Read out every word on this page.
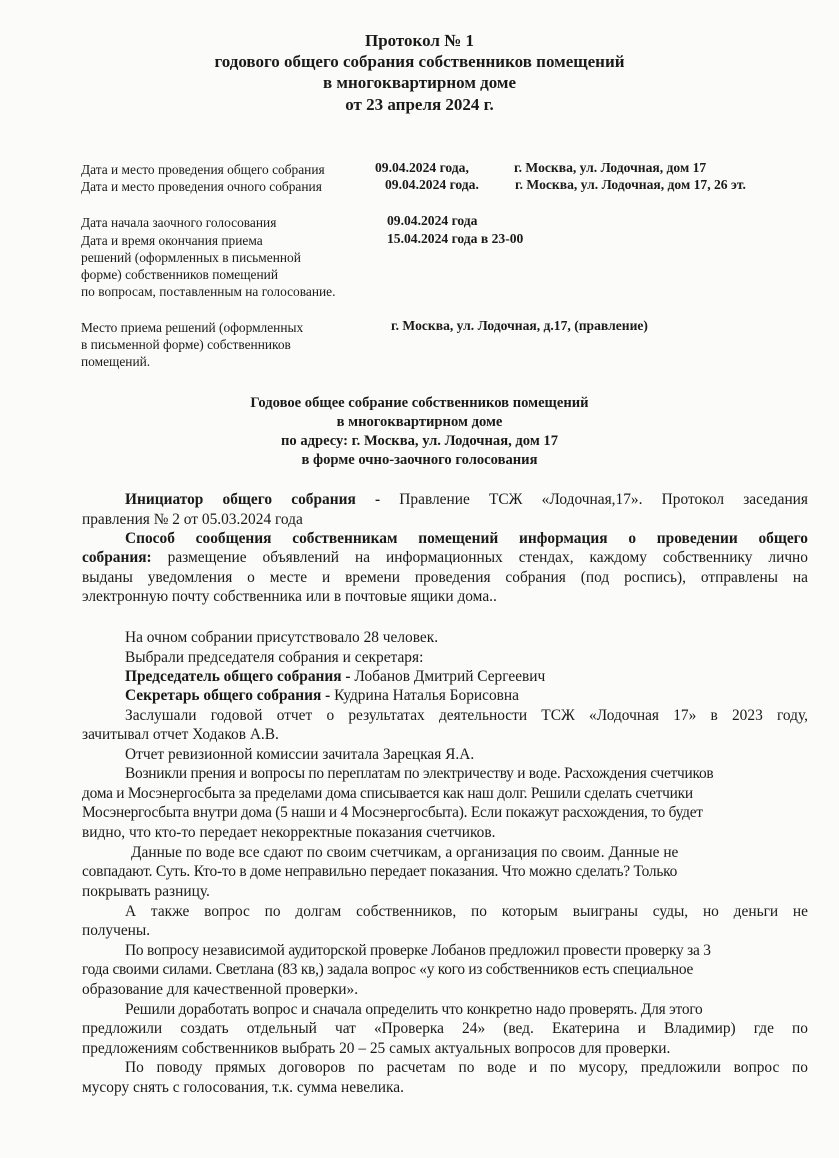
Протокол № 1
годового общего собрания собственников помещений
в многоквартирном доме
от 23 апреля 2024 г.
Дата и место проведения общего собрания	09.04.2024 года,	г. Москва, ул. Лодочная, дом 17
Дата и место проведения очного собрания	09.04.2024 года.	г. Москва, ул. Лодочная, дом 17, 26 эт.
Дата начала заочного голосования	09.04.2024 года
Дата и время окончания приема	15.04.2024 года в 23-00
решений (оформленных в письменной
форме) собственников помещений
по вопросам, поставленным на голосование.
Место приема решений (оформленных	г. Москва, ул. Лодочная, д.17, (правление)
в письменной форме) собственников
помещений.
Годовое общее собрание собственников помещений
в многоквартирном доме
по адресу: г. Москва, ул. Лодочная, дом 17
в форме очно-заочного голосования
Инициатор общего собрания - Правление ТСЖ «Лодочная,17». Протокол заседания
правления № 2 от 05.03.2024 года
Способ сообщения собственникам помещений информация о проведении общего
собрания: размещение объявлений на информационных стендах, каждому собственнику лично
выданы уведомления о месте и времени проведения собрания (под роспись), отправлены на
электронную почту собственника или в почтовые ящики дома..
На очном собрании присутствовало 28 человек.
Выбрали председателя собрания и секретаря:
Председатель общего собрания - Лобанов Дмитрий Сергеевич
Секретарь общего собрания - Кудрина Наталья Борисовна
Заслушали годовой отчет о результатах деятельности ТСЖ «Лодочная 17» в 2023 году,
зачитывал отчет Ходаков А.В.
Отчет ревизионной комиссии зачитала Зарецкая Я.А.
Возникли прения и вопросы по переплатам по электричеству и воде. Расхождения счетчиков
дома и Мосэнергосбыта за пределами дома списывается как наш долг. Решили сделать счетчики
Мосэнергосбыта внутри дома (5 наши и 4 Мосэнергосбыта). Если покажут расхождения, то будет
видно, что кто-то передает некорректные показания счетчиков.
Данные по воде все сдают по своим счетчикам, а организация по своим. Данные не
совпадают. Суть. Кто-то в доме неправильно передает показания. Что можно сделать? Только
покрывать разницу.
А также вопрос по долгам собственников, по которым выиграны суды, но деньги не
получены.
По вопросу независимой аудиторской проверке Лобанов предложил провести проверку за 3
года своими силами. Светлана (83 кв,) задала вопрос «у кого из собственников есть специальное
образование для качественной проверки».
Решили доработать вопрос и сначала определить что конкретно надо проверять. Для этого
предложили создать отдельный чат «Проверка 24» (вед. Екатерина и Владимир) где по
предложениям собственников выбрать 20 – 25 самых актуальных вопросов для проверки.
По поводу прямых договоров по расчетам по воде и по мусору, предложили вопрос по
мусору снять с голосования, т.к. сумма невелика.
